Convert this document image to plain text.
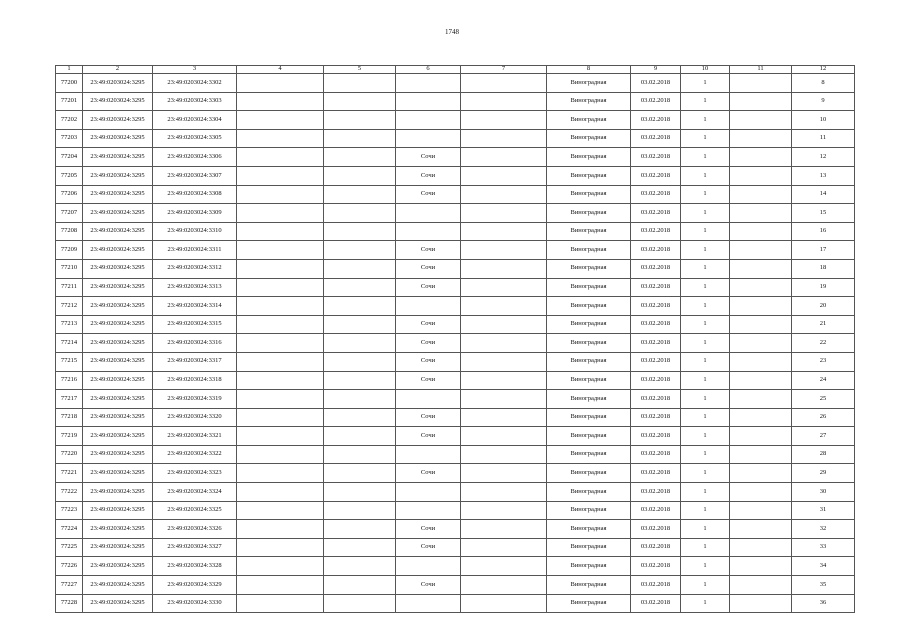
1748
1	2	3	4	5	6	7	8	9	10	11	12
77200	23:49:0203024:3295	23:49:0203024:3302					Виноградная	03.02.2018	1		8
77201	23:49:0203024:3295	23:49:0203024:3303					Виноградная	03.02.2018	1		9
77202	23:49:0203024:3295	23:49:0203024:3304					Виноградная	03.02.2018	1		10
77203	23:49:0203024:3295	23:49:0203024:3305					Виноградная	03.02.2018	1		11
77204	23:49:0203024:3295	23:49:0203024:3306			Сочи		Виноградная	03.02.2018	1		12
77205	23:49:0203024:3295	23:49:0203024:3307			Сочи		Виноградная	03.02.2018	1		13
77206	23:49:0203024:3295	23:49:0203024:3308			Сочи		Виноградная	03.02.2018	1		14
77207	23:49:0203024:3295	23:49:0203024:3309					Виноградная	03.02.2018	1		15
77208	23:49:0203024:3295	23:49:0203024:3310					Виноградная	03.02.2018	1		16
77209	23:49:0203024:3295	23:49:0203024:3311			Сочи		Виноградная	03.02.2018	1		17
77210	23:49:0203024:3295	23:49:0203024:3312			Сочи		Виноградная	03.02.2018	1		18
77211	23:49:0203024:3295	23:49:0203024:3313			Сочи		Виноградная	03.02.2018	1		19
77212	23:49:0203024:3295	23:49:0203024:3314					Виноградная	03.02.2018	1		20
77213	23:49:0203024:3295	23:49:0203024:3315			Сочи		Виноградная	03.02.2018	1		21
77214	23:49:0203024:3295	23:49:0203024:3316			Сочи		Виноградная	03.02.2018	1		22
77215	23:49:0203024:3295	23:49:0203024:3317			Сочи		Виноградная	03.02.2018	1		23
77216	23:49:0203024:3295	23:49:0203024:3318			Сочи		Виноградная	03.02.2018	1		24
77217	23:49:0203024:3295	23:49:0203024:3319					Виноградная	03.02.2018	1		25
77218	23:49:0203024:3295	23:49:0203024:3320			Сочи		Виноградная	03.02.2018	1		26
77219	23:49:0203024:3295	23:49:0203024:3321			Сочи		Виноградная	03.02.2018	1		27
77220	23:49:0203024:3295	23:49:0203024:3322					Виноградная	03.02.2018	1		28
77221	23:49:0203024:3295	23:49:0203024:3323			Сочи		Виноградная	03.02.2018	1		29
77222	23:49:0203024:3295	23:49:0203024:3324					Виноградная	03.02.2018	1		30
77223	23:49:0203024:3295	23:49:0203024:3325					Виноградная	03.02.2018	1		31
77224	23:49:0203024:3295	23:49:0203024:3326			Сочи		Виноградная	03.02.2018	1		32
77225	23:49:0203024:3295	23:49:0203024:3327			Сочи		Виноградная	03.02.2018	1		33
77226	23:49:0203024:3295	23:49:0203024:3328					Виноградная	03.02.2018	1		34
77227	23:49:0203024:3295	23:49:0203024:3329			Сочи		Виноградная	03.02.2018	1		35
77228	23:49:0203024:3295	23:49:0203024:3330					Виноградная	03.02.2018	1		36
